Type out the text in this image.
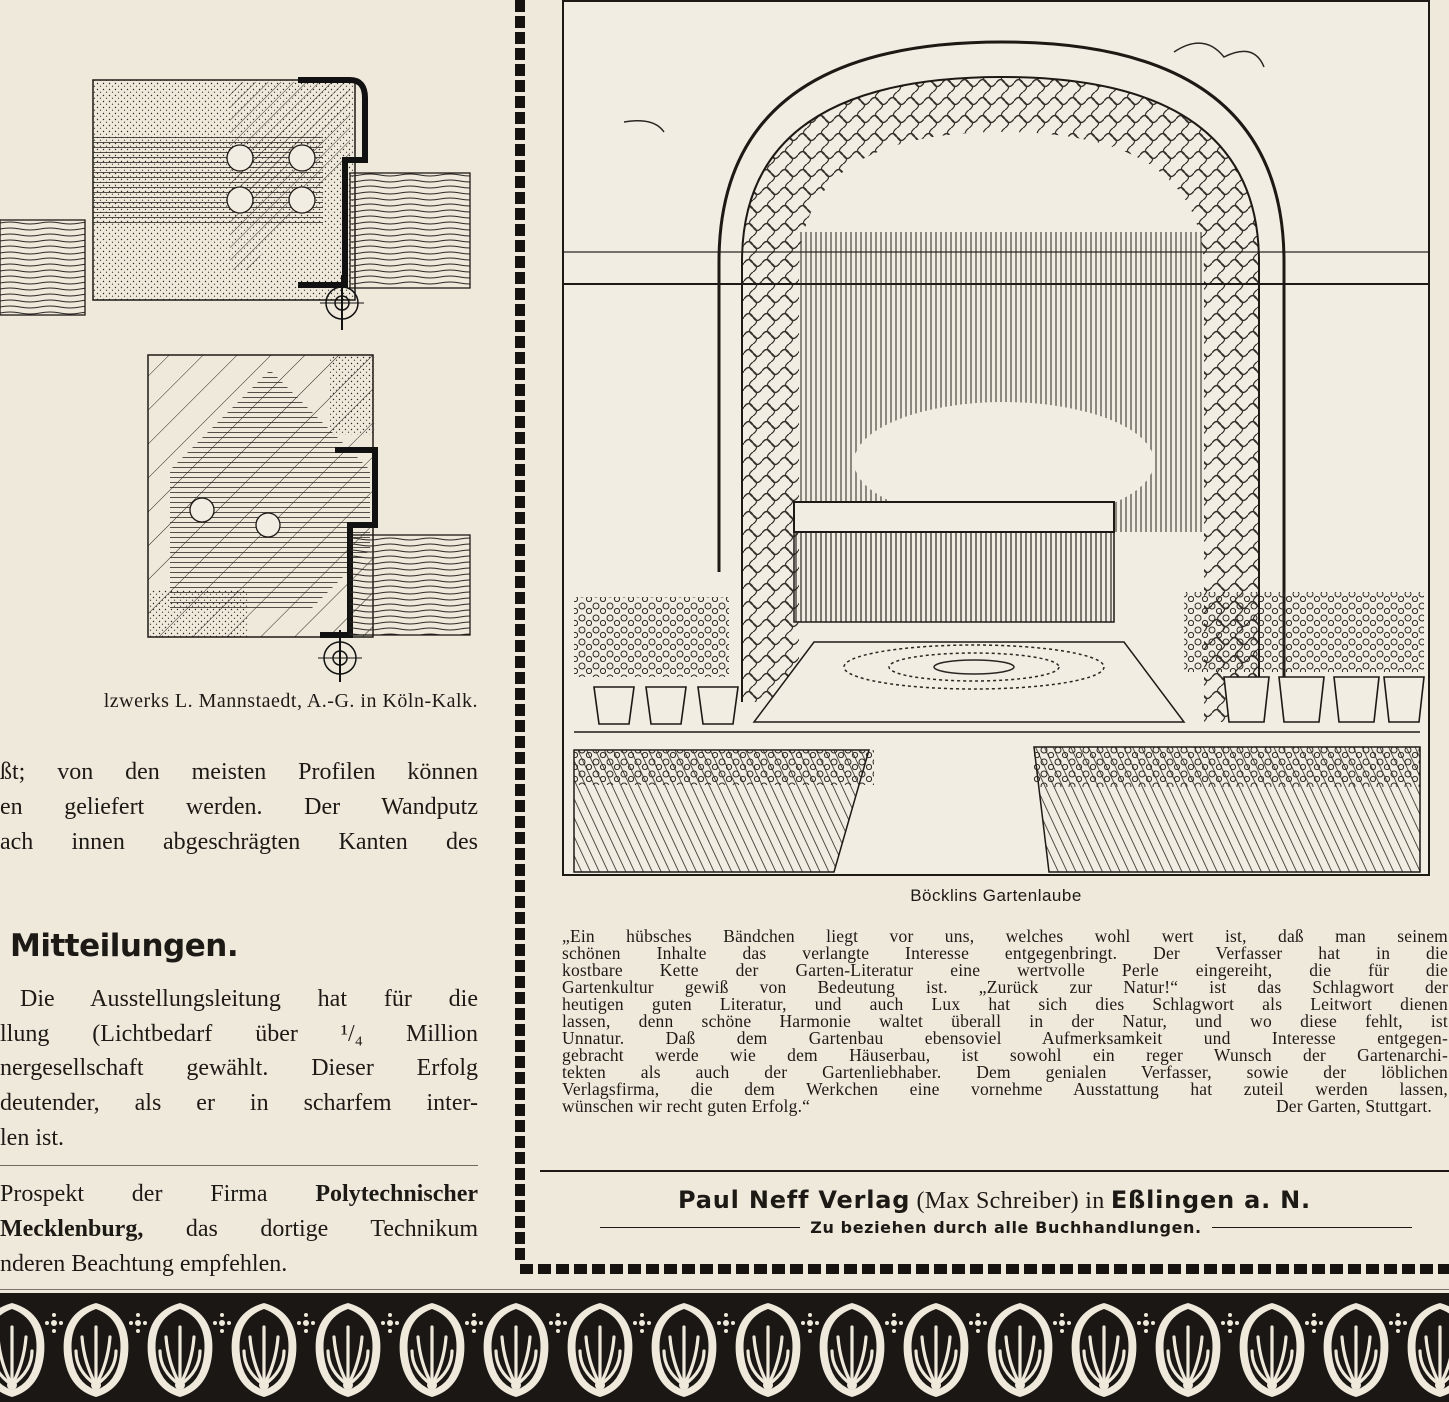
lzwerks L. Mannstaedt, A.-G. in Köln-Kalk.
ßt; von den meisten Profilen können
en geliefert werden. Der Wandputz
ach innen abgeschrägten Kanten des
Mitteilungen.
Die Ausstellungsleitung hat für die
llung (Lichtbedarf über ¹/₄ Million
nergesellschaft gewählt. Dieser Erfolg
deutender, als er in scharfem inter-
len ist.
Prospekt der Firma Polytechnischer
Mecklenburg, das dortige Technikum
nderen Beachtung empfehlen.
Böcklins Gartenlaube
„Ein hübsches Bändchen liegt vor uns, welches wohl wert ist, daß man seinem
schönen Inhalte das verlangte Interesse entgegenbringt. Der Verfasser hat in die
kostbare Kette der Garten-Literatur eine wertvolle Perle eingereiht, die für die
Gartenkultur gewiß von Bedeutung ist. „Zurück zur Natur!“ ist das Schlagwort der
heutigen guten Literatur, und auch Lux hat sich dies Schlagwort als Leitwort dienen
lassen, denn schöne Harmonie waltet überall in der Natur, und wo diese fehlt, ist
Unnatur. Daß dem Gartenbau ebensoviel Aufmerksamkeit und Interesse entgegen-
gebracht werde wie dem Häuserbau, ist sowohl ein reger Wunsch der Gartenarchi-
tekten als auch der Gartenliebhaber. Dem genialen Verfasser, sowie der löblichen
Verlagsfirma, die dem Werkchen eine vornehme Ausstattung hat zuteil werden lassen,
wünschen wir recht guten Erfolg.“	Der Garten, Stuttgart.
Paul Neff Verlag (Max Schreiber) in Eßlingen a. N.
Zu beziehen durch alle Buchhandlungen.
